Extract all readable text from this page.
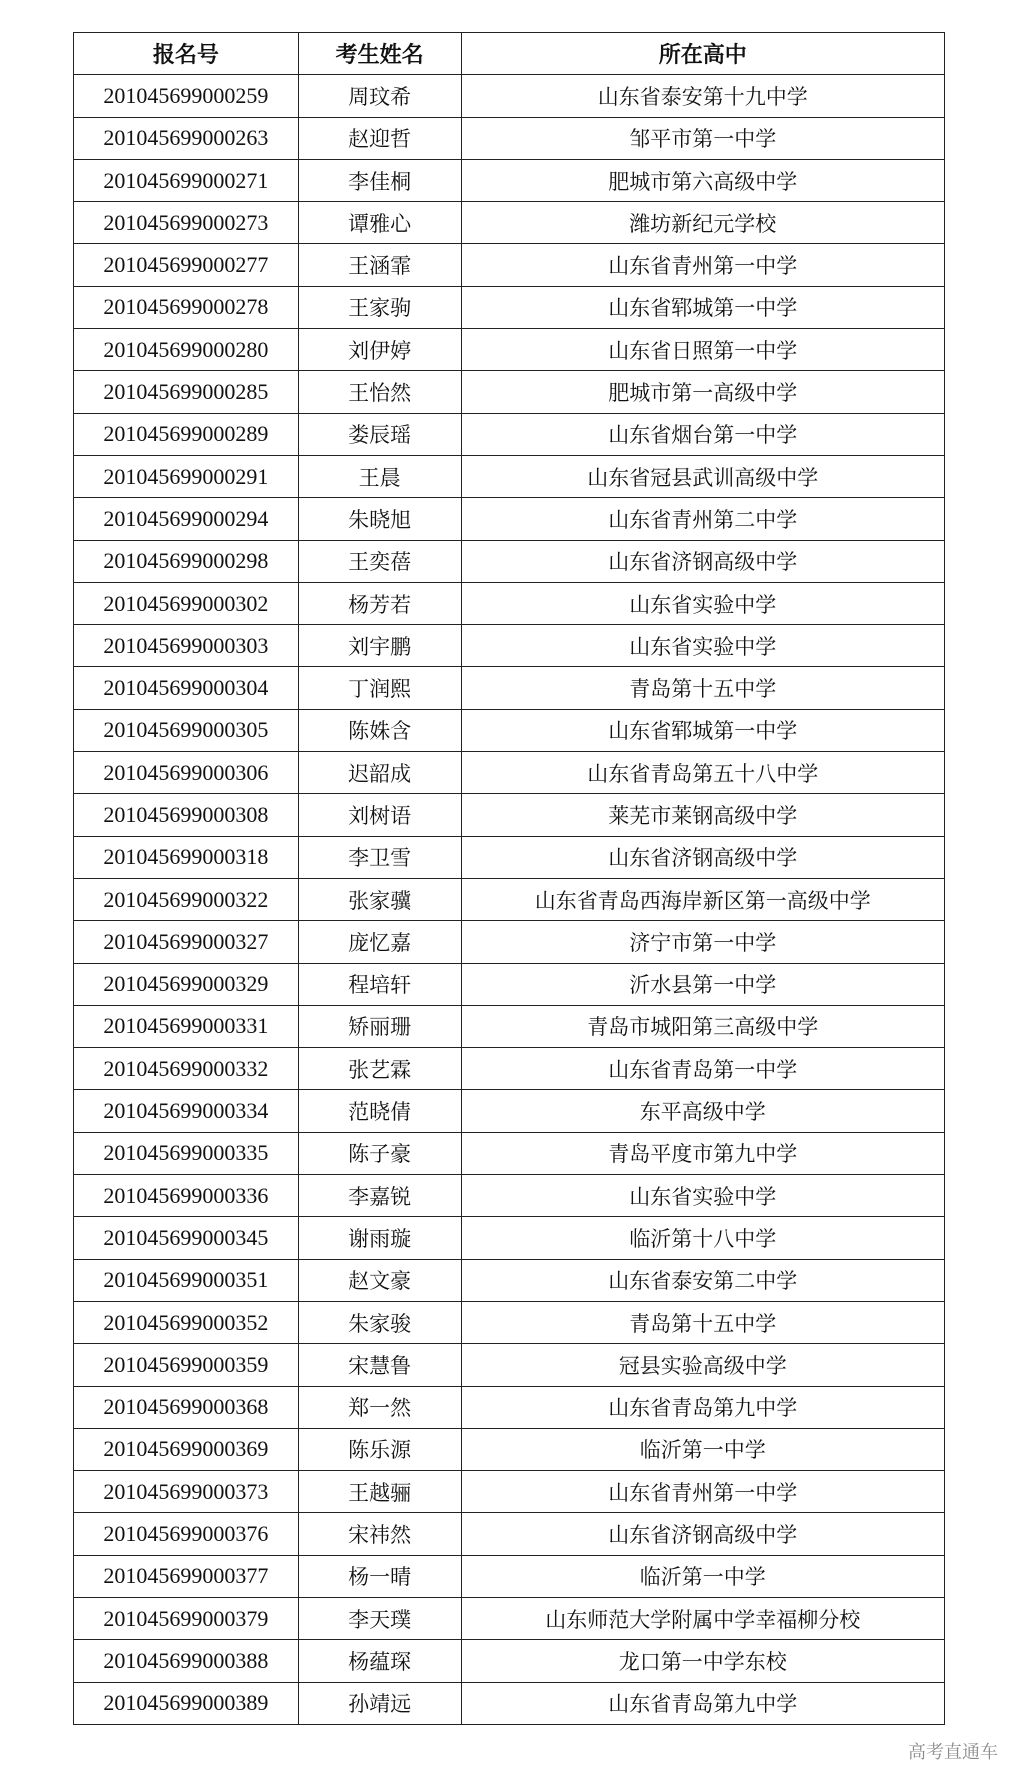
报名号	考生姓名	所在高中
201045699000259	周玟希	山东省泰安第十九中学
201045699000263	赵迎哲	邹平市第一中学
201045699000271	李佳桐	肥城市第六高级中学
201045699000273	谭雅心	潍坊新纪元学校
201045699000277	王涵霏	山东省青州第一中学
201045699000278	王家驹	山东省郓城第一中学
201045699000280	刘伊婷	山东省日照第一中学
201045699000285	王怡然	肥城市第一高级中学
201045699000289	娄辰瑶	山东省烟台第一中学
201045699000291	王晨	山东省冠县武训高级中学
201045699000294	朱晓旭	山东省青州第二中学
201045699000298	王奕蓓	山东省济钢高级中学
201045699000302	杨芳若	山东省实验中学
201045699000303	刘宇鹏	山东省实验中学
201045699000304	丁润熙	青岛第十五中学
201045699000305	陈姝含	山东省郓城第一中学
201045699000306	迟韶成	山东省青岛第五十八中学
201045699000308	刘树语	莱芜市莱钢高级中学
201045699000318	李卫雪	山东省济钢高级中学
201045699000322	张家骥	山东省青岛西海岸新区第一高级中学
201045699000327	庞忆嘉	济宁市第一中学
201045699000329	程培轩	沂水县第一中学
201045699000331	矫丽珊	青岛市城阳第三高级中学
201045699000332	张艺霖	山东省青岛第一中学
201045699000334	范晓倩	东平高级中学
201045699000335	陈子豪	青岛平度市第九中学
201045699000336	李嘉锐	山东省实验中学
201045699000345	谢雨璇	临沂第十八中学
201045699000351	赵文豪	山东省泰安第二中学
201045699000352	朱家骏	青岛第十五中学
201045699000359	宋慧鲁	冠县实验高级中学
201045699000368	郑一然	山东省青岛第九中学
201045699000369	陈乐源	临沂第一中学
201045699000373	王越骊	山东省青州第一中学
201045699000376	宋祎然	山东省济钢高级中学
201045699000377	杨一晴	临沂第一中学
201045699000379	李天璞	山东师范大学附属中学幸福柳分校
201045699000388	杨蕴琛	龙口第一中学东校
201045699000389	孙靖远	山东省青岛第九中学
高考直通车
